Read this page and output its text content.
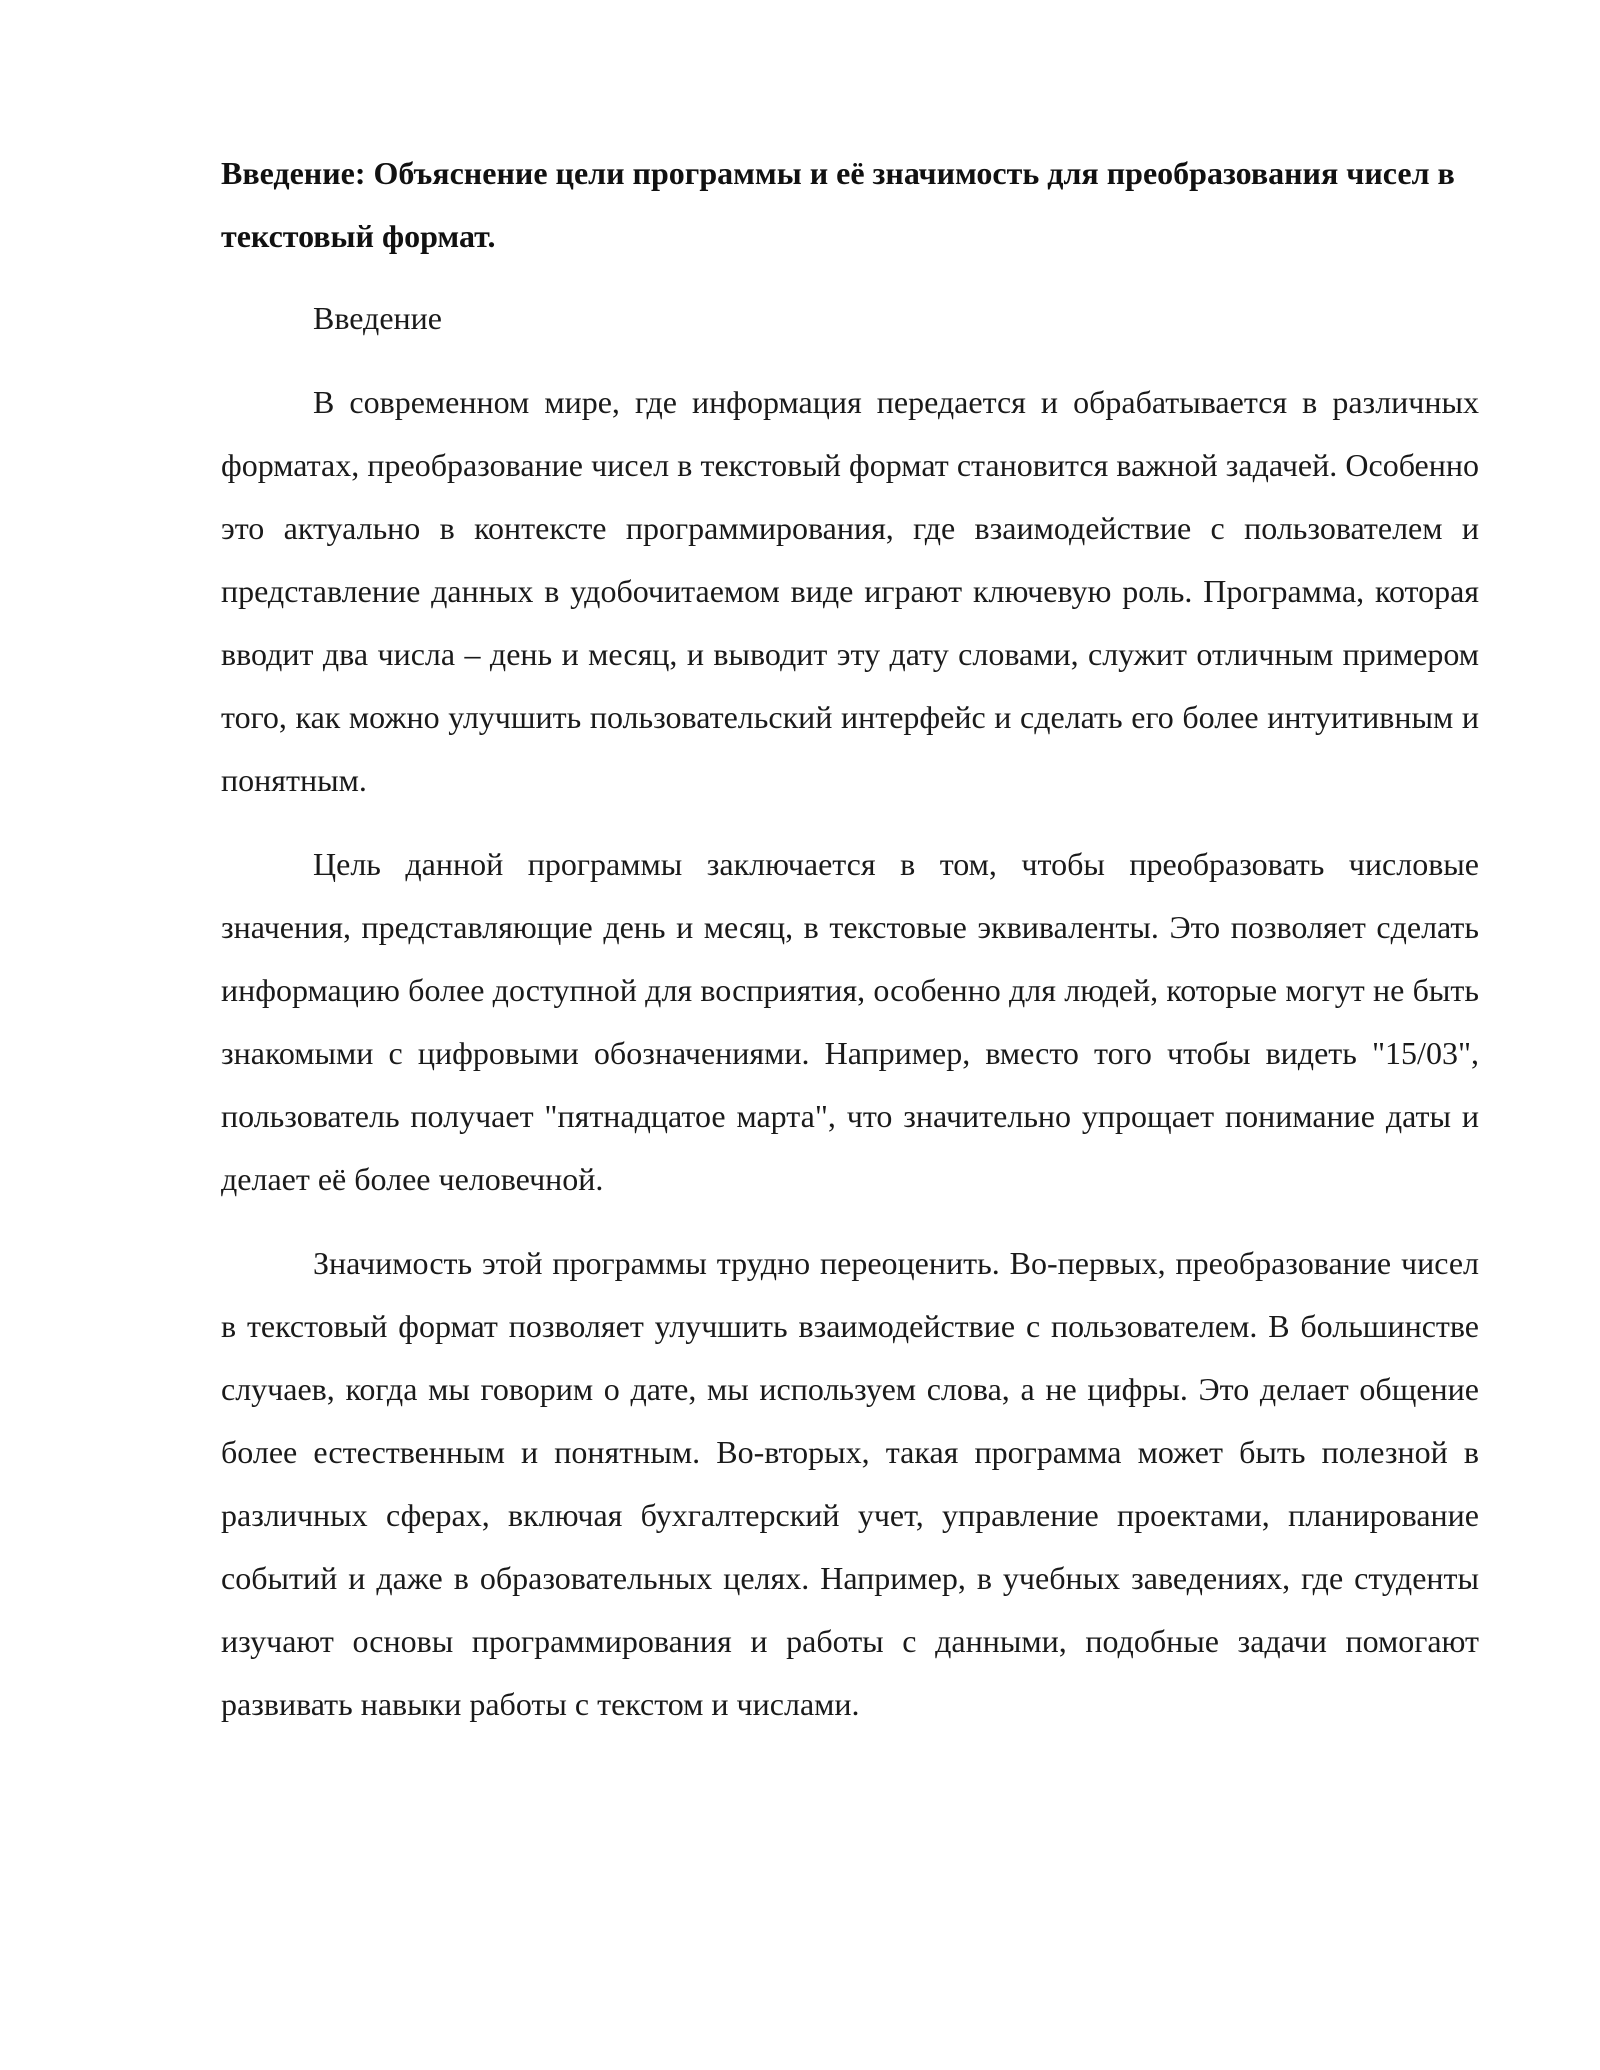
Введение: Объяснение цели программы и её значимость для преобразования чисел в текстовый формат.

Введение

В современном мире, где информация передается и обрабатывается в различных форматах, преобразование чисел в текстовый формат становится важной задачей. Особенно это актуально в контексте программирования, где взаимодействие с пользователем и представление данных в удобочитаемом виде играют ключевую роль. Программа, которая вводит два числа – день и месяц, и выводит эту дату словами, служит отличным примером того, как можно улучшить пользовательский интерфейс и сделать его более интуитивным и понятным.

Цель данной программы заключается в том, чтобы преобразовать числовые значения, представляющие день и месяц, в текстовые эквиваленты. Это позволяет сделать информацию более доступной для восприятия, особенно для людей, которые могут не быть знакомыми с цифровыми обозначениями. Например, вместо того чтобы видеть "15/03", пользователь получает "пятнадцатое марта", что значительно упрощает понимание даты и делает её более человечной.

Значимость этой программы трудно переоценить. Во-первых, преобразование чисел в текстовый формат позволяет улучшить взаимодействие с пользователем. В большинстве случаев, когда мы говорим о дате, мы используем слова, а не цифры. Это делает общение более естественным и понятным. Во-вторых, такая программа может быть полезной в различных сферах, включая бухгалтерский учет, управление проектами, планирование событий и даже в образовательных целях. Например, в учебных заведениях, где студенты изучают основы программирования и работы с данными, подобные задачи помогают развивать навыки работы с текстом и числами.
